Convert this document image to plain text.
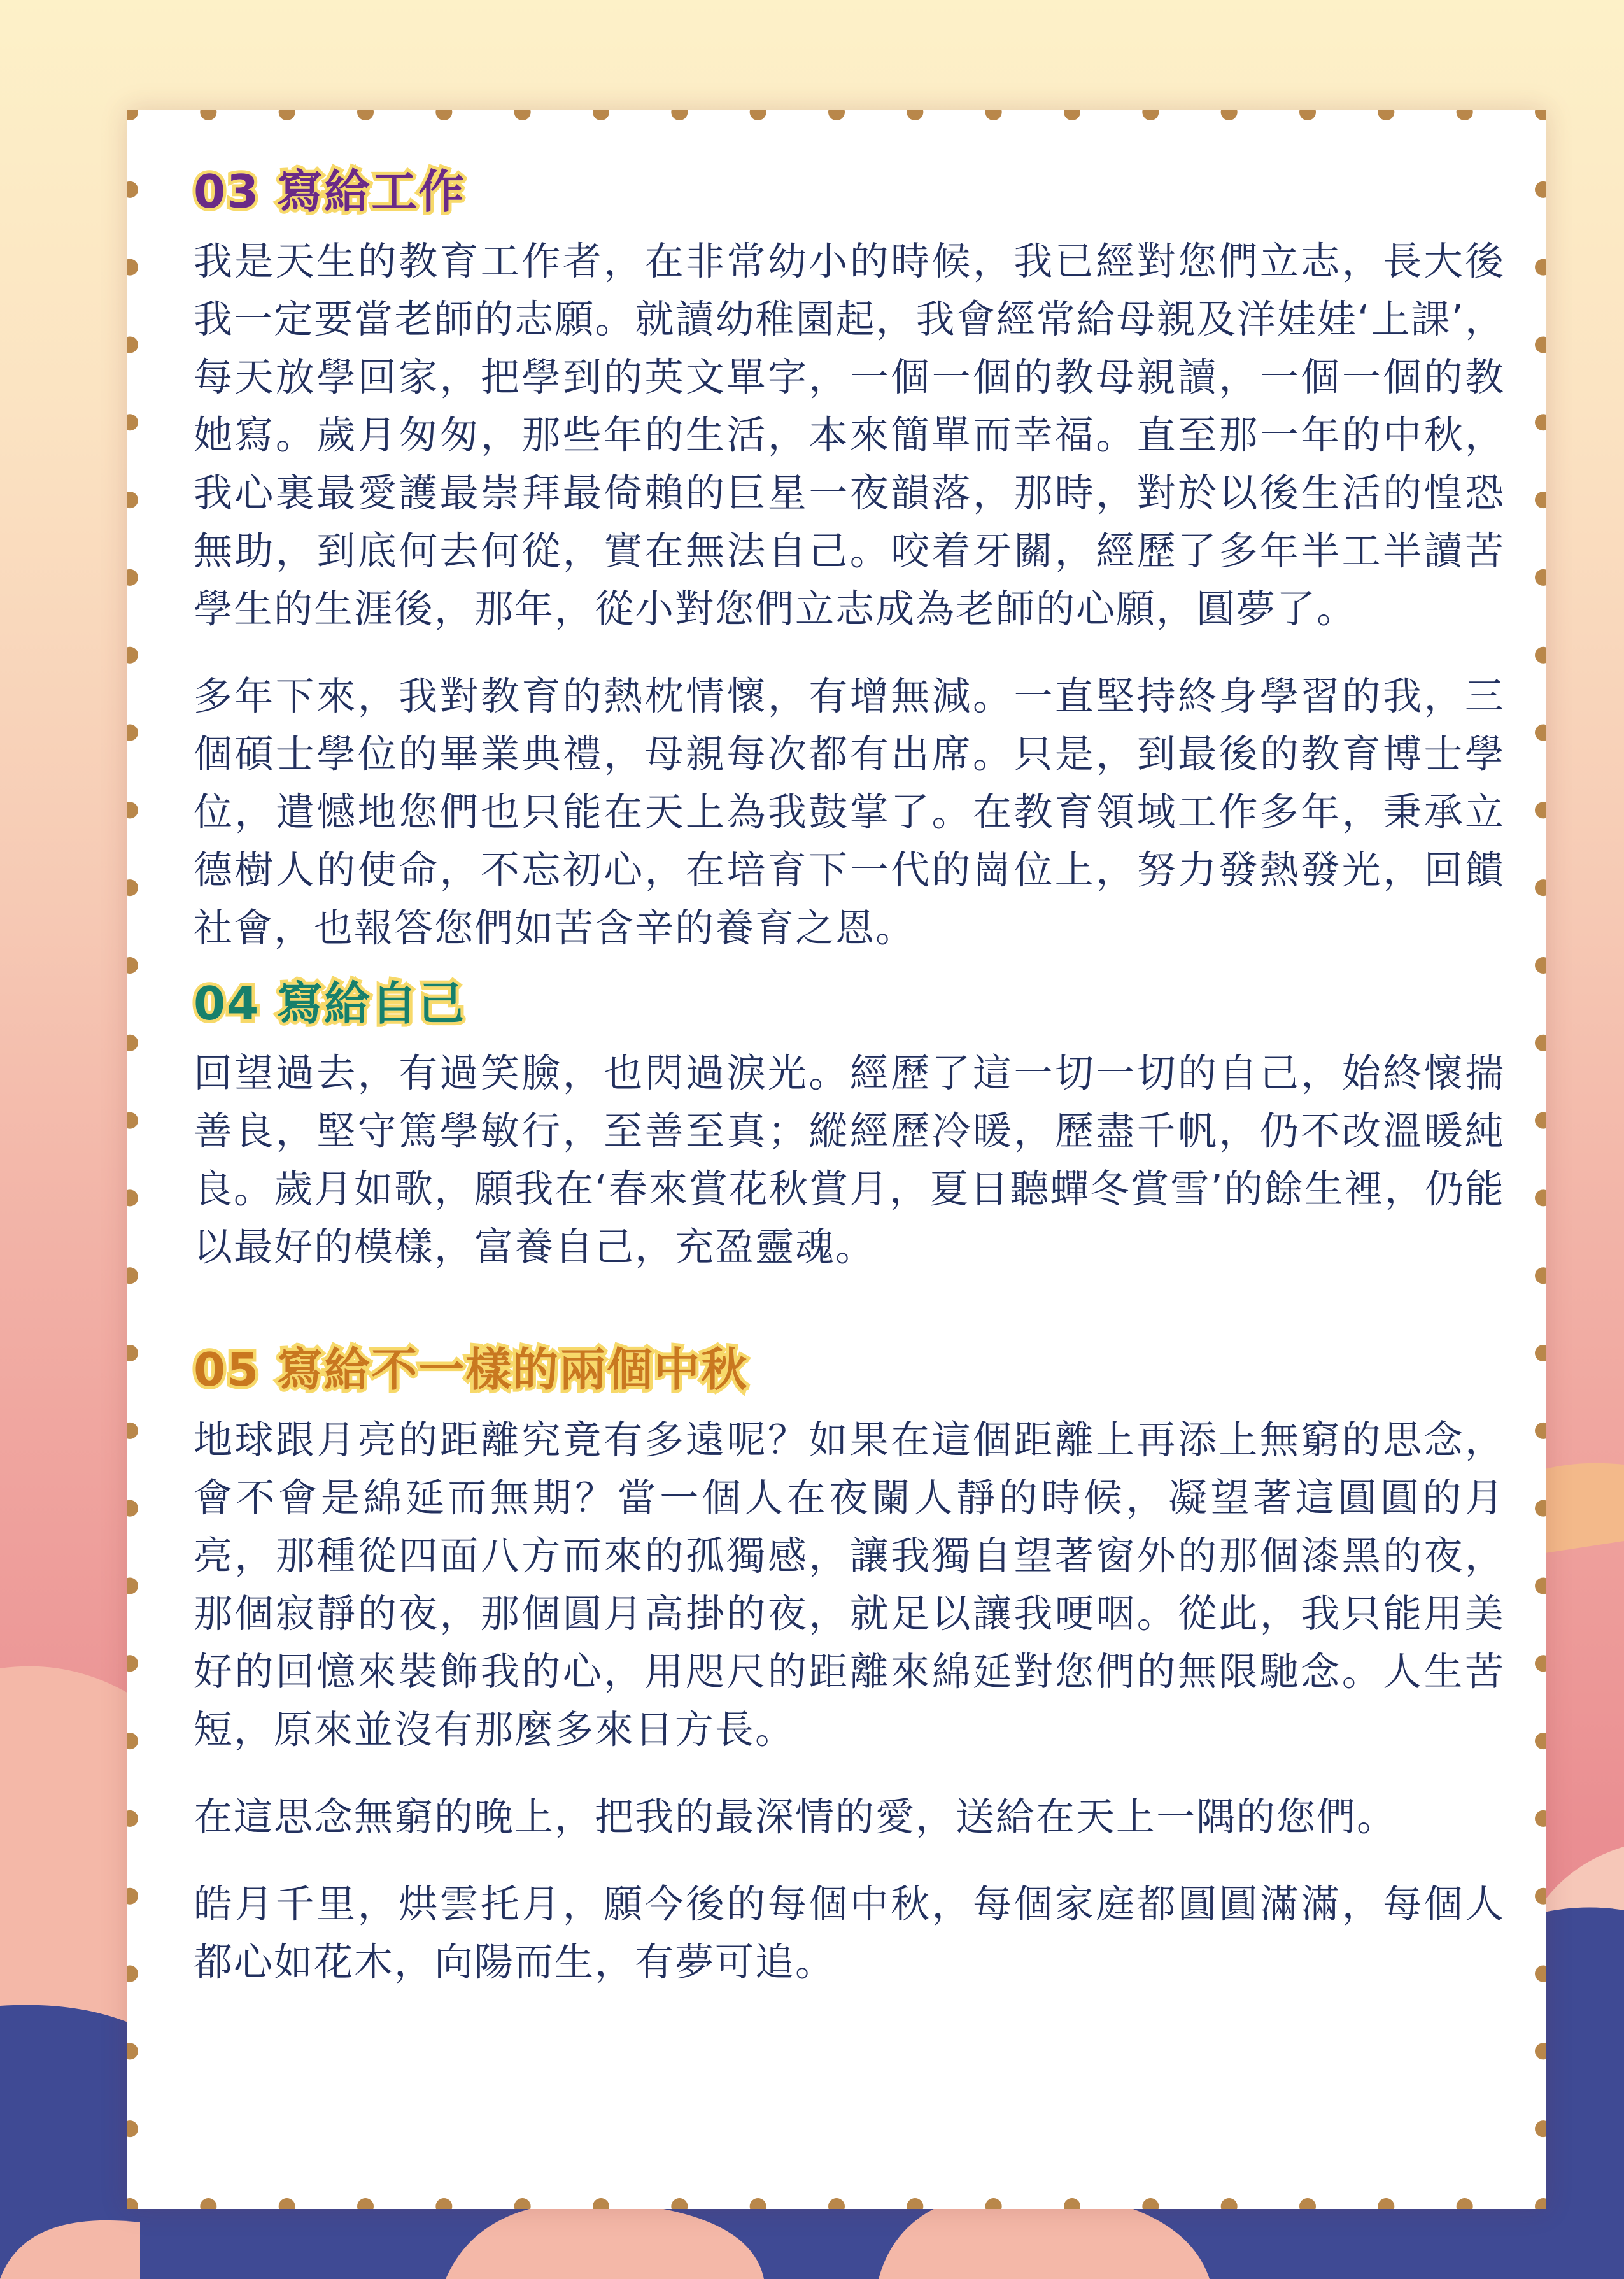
03 寫給工作

我是天生的教育工作者，在非常幼小的時候，我已經對您們立志，長大後我一定要當老師的志願。就讀幼稚園起，我會經常給母親及洋娃娃‘上課’，每天放學回家，把學到的英文單字，一個一個的教母親讀，一個一個的教她寫。歲月匆匆，那些年的生活，本來簡單而幸福。直至那一年的中秋，我心裏最愛護最崇拜最倚賴的巨星一夜韻落，那時，對於以後生活的惶恐無助，到底何去何從，實在無法自己。咬着牙關，經歷了多年半工半讀苦學生的生涯後，那年，從小對您們立志成為老師的心願，圓夢了。

多年下來，我對教育的熱枕情懷，有增無減。一直堅持終身學習的我，三個碩士學位的畢業典禮，母親每次都有出席。只是，到最後的教育博士學位，遣憾地您們也只能在天上為我鼓掌了。在教育領域工作多年，秉承立德樹人的使命，不忘初心，在培育下一代的崗位上，努力發熱發光，回饋社會，也報答您們如苦含辛的養育之恩。

04 寫給自己

回望過去，有過笑臉，也閃過淚光。經歷了這一切一切的自己，始終懷揣善良，堅守篤學敏行，至善至真；縱經歷冷暖，歷盡千帆，仍不改溫暖純良。歲月如歌，願我在‘春來賞花秋賞月，夏日聽蟬冬賞雪’的餘生裡，仍能以最好的模樣，富養自己，充盈靈魂。

05 寫給不一樣的兩個中秋

地球跟月亮的距離究竟有多遠呢？如果在這個距離上再添上無窮的思念，會不會是綿延而無期？當一個人在夜闌人靜的時候，凝望著這圓圓的月亮，那種從四面八方而來的孤獨感，讓我獨自望著窗外的那個漆黑的夜，那個寂靜的夜，那個圓月高掛的夜，就足以讓我哽咽。從此，我只能用美好的回憶來裝飾我的心，用咫尺的距離來綿延對您們的無限馳念。人生苦短，原來並沒有那麼多來日方長。

在這思念無窮的晚上，把我的最深情的愛，送給在天上一隅的您們。

皓月千里，烘雲托月，願今後的每個中秋，每個家庭都圓圓滿滿，每個人都心如花木，向陽而生，有夢可追。
